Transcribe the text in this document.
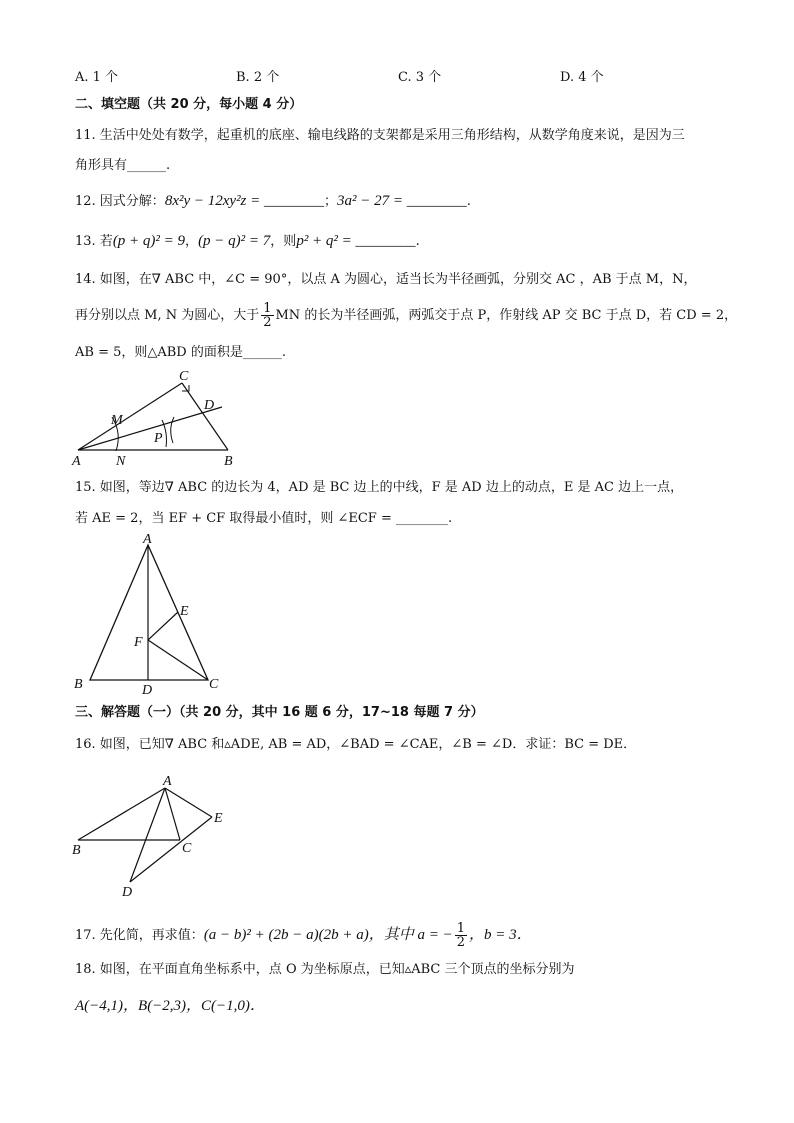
A. 1 个	B. 2 个	C. 3 个	D. 4 个
二、填空题（共 20 分，每小题 4 分）
11. 生活中处处有数学，起重机的底座、输电线路的支架都是采用三角形结构，从数学角度来说，是因为三
角形具有______.
12. 因式分解：8x²y − 12xy²z = ________；3a² − 27 = ________.
13. 若(p + q)² = 9，(p − q)² = 7，则p² + q² = ________.
14. 如图，在∇ ABC 中，∠C = 90°，以点 A 为圆心，适当长为半径画弧，分别交 AC ，AB 于点 M，N，
再分别以点 M, N 为圆心，大于 $\frac{1}{2}$ MN 的长为半径画弧，两弧交于点 P，作射线 AP 交 BC 于点 D，若 CD = 2，
AB = 5，则△ABD 的面积是______.
C
D
M
P
A	N	B
15. 如图，等边∇ ABC 的边长为 4，AD 是 BC 边上的中线，F 是 AD 边上的动点，E 是 AC 边上一点，
若 AE = 2，当 EF + CF 取得最小值时，则 ∠ECF = ________.
A
E
F
B	D	C
三、解答题（一）（共 20 分，其中 16 题 6 分，17~18 每题 7 分）
16. 如图，已知∇ ABC 和▵ADE, AB = AD，∠BAD = ∠CAE，∠B = ∠D．求证：BC = DE．
A
E
B	C
D
17. 先化简，再求值：(a − b)² + (2b − a)(2b + a)，其中 a = − $\frac{1}{2}$ ，b = 3．
18. 如图，在平面直角坐标系中，点 O 为坐标原点，已知▵ABC 三个顶点的坐标分别为
A(−4,1)，B(−2,3)，C(−1,0)．
